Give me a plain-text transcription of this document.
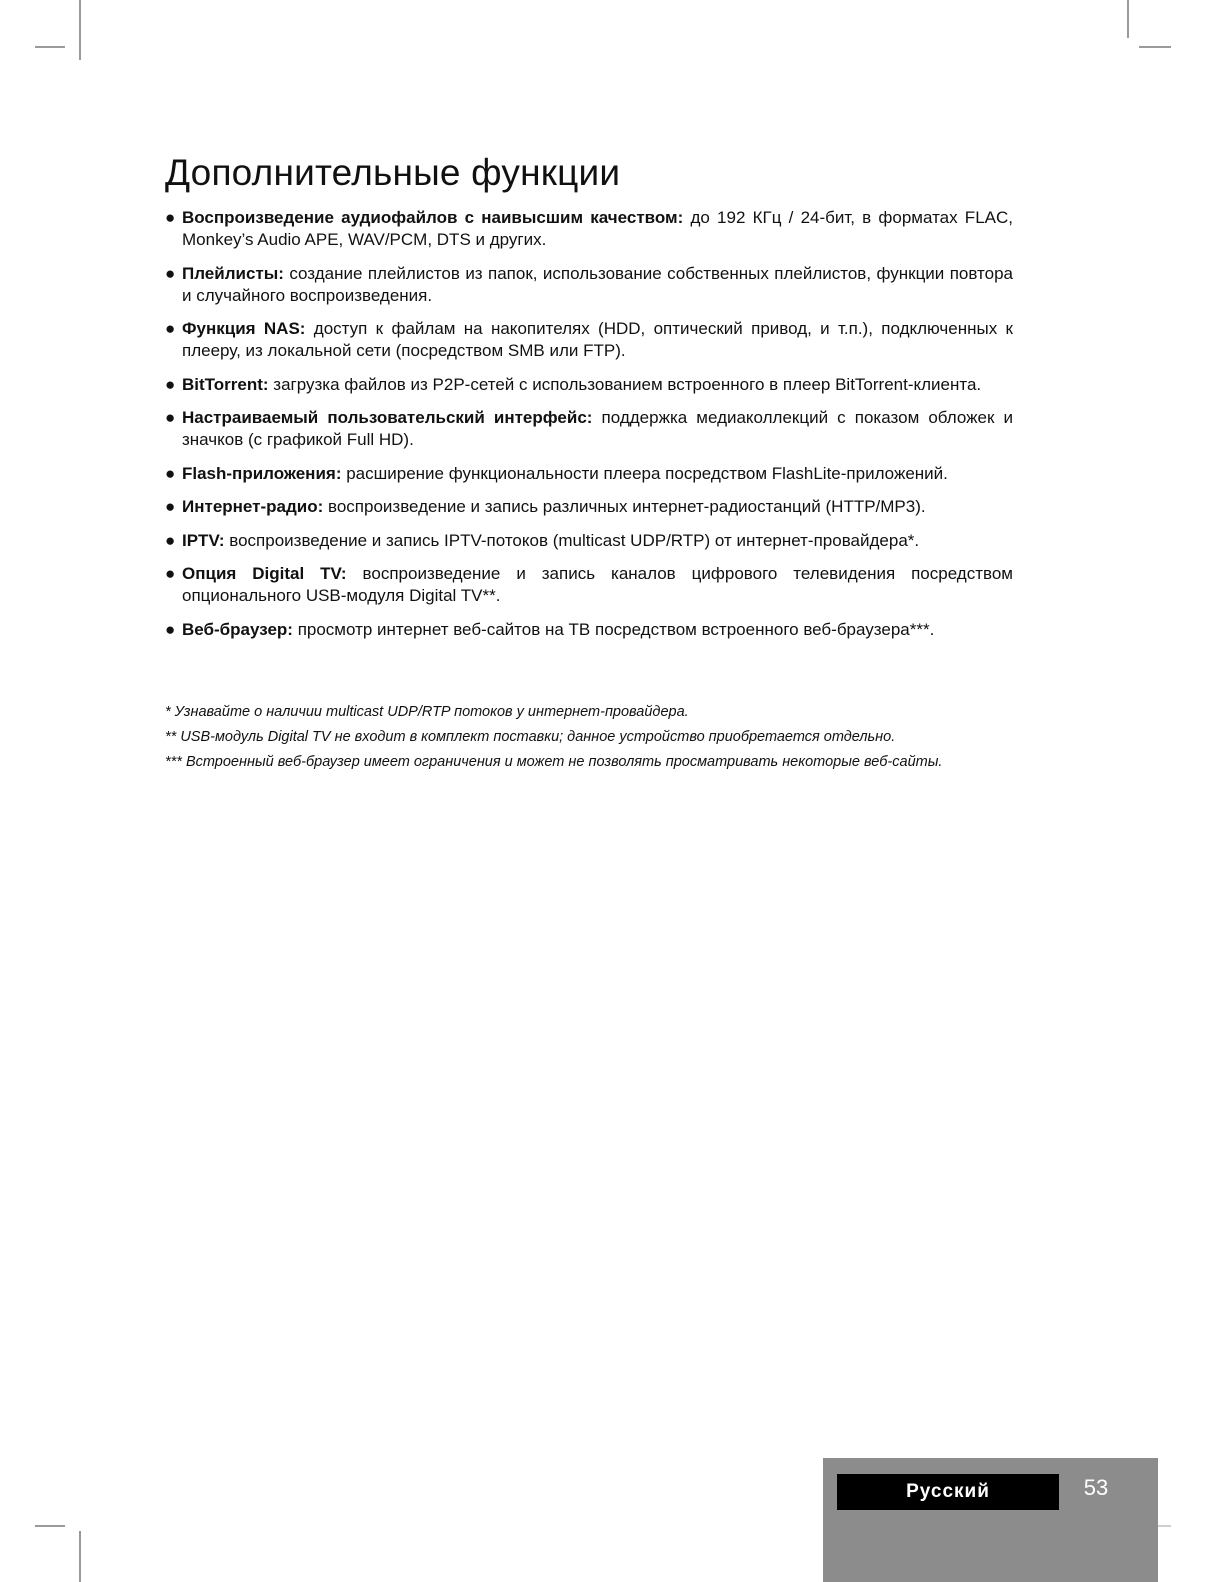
Дополнительные функции
● Воспроизведение аудиофайлов с наивысшим качеством: до 192 КГц / 24-бит, в форматах FLAC, Monkey’s Audio APE, WAV/PCM, DTS и других.
● Плейлисты: создание плейлистов из папок, использование собственных плейлистов, функции повтора и случайного воспроизведения.
● Функция NAS: доступ к файлам на накопителях (HDD, оптический привод, и т.п.), подключенных к плееру, из локальной сети (посредством SMB или FTP).
● BitTorrent: загрузка файлов из P2P-сетей с использованием встроенного в плеер BitTorrent-клиента.
● Настраиваемый пользовательский интерфейс: поддержка медиаколлекций с показом обложек и значков (с графикой Full HD).
● Flash-приложения: расширение функциональности плеера посредством FlashLite-приложений.
● Интернет-радио: воспроизведение и запись различных интернет-радиостанций (HTTP/MP3).
● IPTV: воспроизведение и запись IPTV-потоков (multicast UDP/RTP) от интернет-провайдера*.
● Опция Digital TV: воспроизведение и запись каналов цифрового телевидения посредством опционального USB-модуля Digital TV**.
● Веб-браузер: просмотр интернет веб-сайтов на ТВ посредством встроенного веб-браузера***.

* Узнавайте о наличии multicast UDP/RTP потоков у интернет-провайдера.

** USB-модуль Digital TV не входит в комплект поставки; данное устройство приобретается отдельно.

*** Встроенный веб-браузер имеет ограничения и может не позволять просматривать некоторые веб-сайты.

Русский	53
